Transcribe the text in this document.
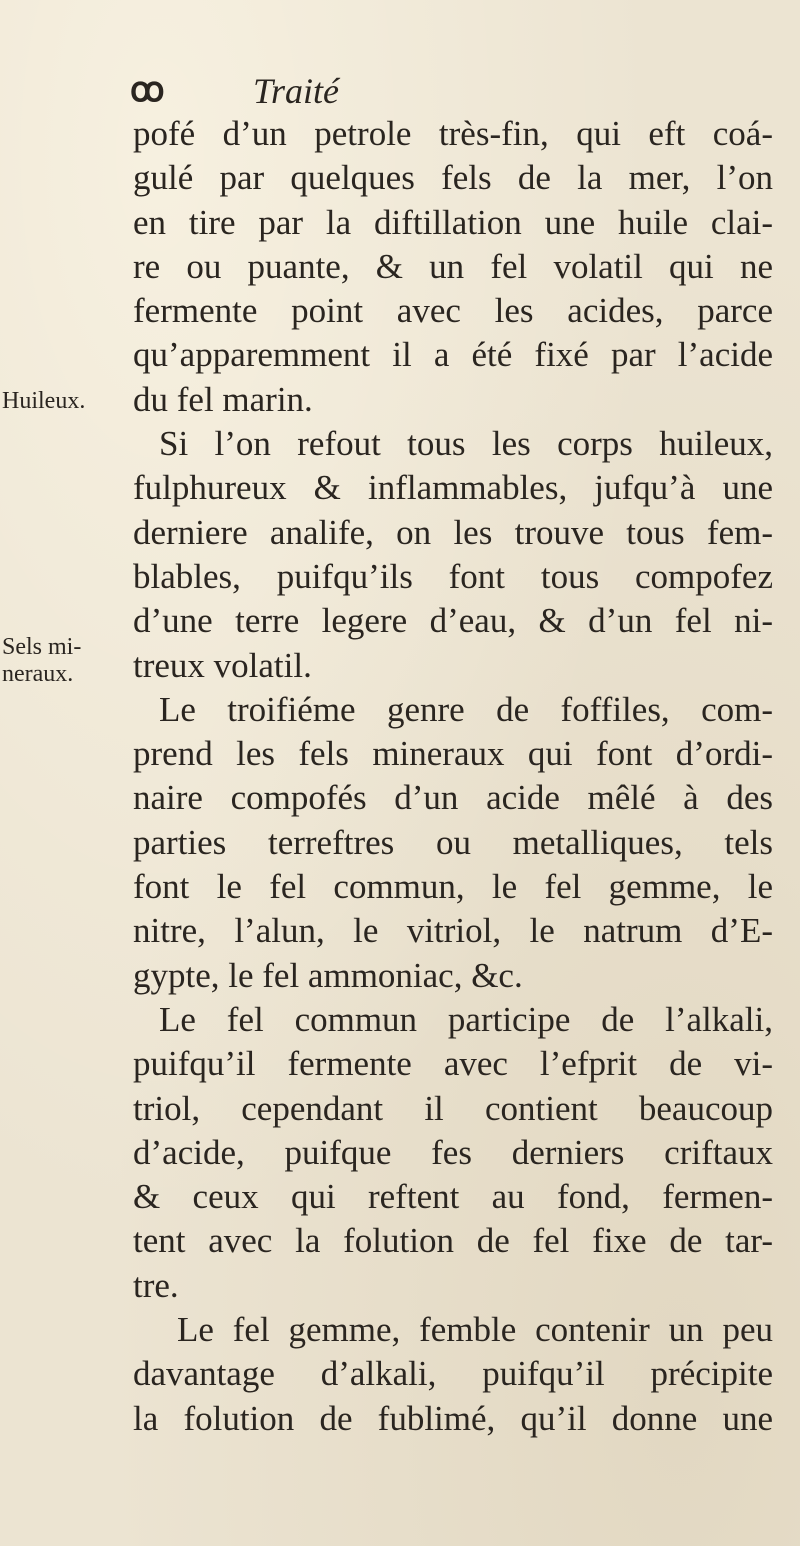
ꝏ Traité
Huileux.
Sels mi-
neraux.
pofé d’un petrole très-fin, qui eft coá-
gulé par quelques fels de la mer, l’on
en tire par la diftillation une huile clai-
re ou puante, & un fel volatil qui ne
fermente point avec les acides, parce
qu’apparemment il a été fixé par l’acide
du fel marin.
Si l’on refout tous les corps huileux,
fulphureux & inflammables, jufqu’à une
derniere analife, on les trouve tous fem-
blables, puifqu’ils font tous compofez
d’une terre legere d’eau, & d’un fel ni-
treux volatil.
Le troifiéme genre de foffiles, com-
prend les fels mineraux qui font d’ordi-
naire compofés d’un acide mêlé à des
parties terreftres ou metalliques, tels
font le fel commun, le fel gemme, le
nitre, l’alun, le vitriol, le natrum d’E-
gypte, le fel ammoniac, &c.
Le fel commun participe de l’alkali,
puifqu’il fermente avec l’efprit de vi-
triol, cependant il contient beaucoup
d’acide, puifque fes derniers criftaux
& ceux qui reftent au fond, fermen-
tent avec la folution de fel fixe de tar-
tre.
Le fel gemme, femble contenir un peu
davantage d’alkali, puifqu’il précipite
la folution de fublimé, qu’il donne une
